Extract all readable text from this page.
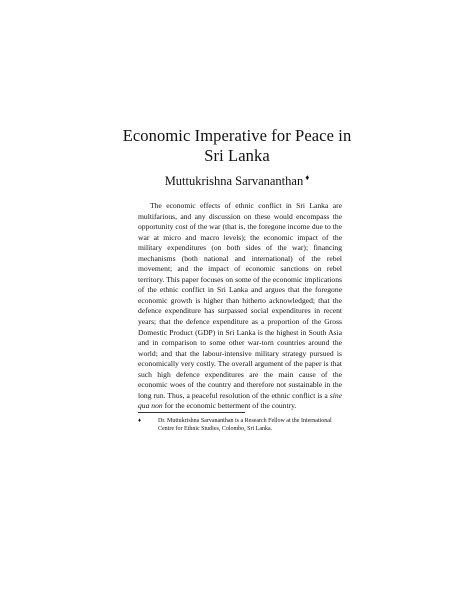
Economic Imperative for Peace in
Sri Lanka
Muttukrishna Sarvananthan ♦

The economic effects of ethnic conflict in Sri Lanka are multifarious, and any discussion on these would encompass the opportunity cost of the war (that is, the foregone income due to the war at micro and macro levels); the economic impact of the military expenditures (on both sides of the war); financing mechanisms (both national and international) of the rebel movement; and the impact of economic sanctions on rebel territory. This paper focuses on some of the economic implications of the ethnic conflict in Sri Lanka and argues that the foregone economic growth is higher than hitherto acknowledged; that the defence expenditure has surpassed social expenditures in recent years; that the defence expenditure as a proportion of the Gross Domestic Product (GDP) in Sri Lanka is the highest in South Asia and in comparison to some other war-torn countries around the world; and that the labour-intensive military strategy pursued is economically very costly. The overall argument of the paper is that such high defence expenditures are the main cause of the economic woes of the country and therefore not sustainable in the long run. Thus, a peaceful resolution of the ethnic conflict is a sine qua non for the economic betterment of the country.

♦	Dr. Muttukrishna Sarvananthan is a Research Fellow at the International Centre for Ethnic Studies, Colombo, Sri Lanka.
